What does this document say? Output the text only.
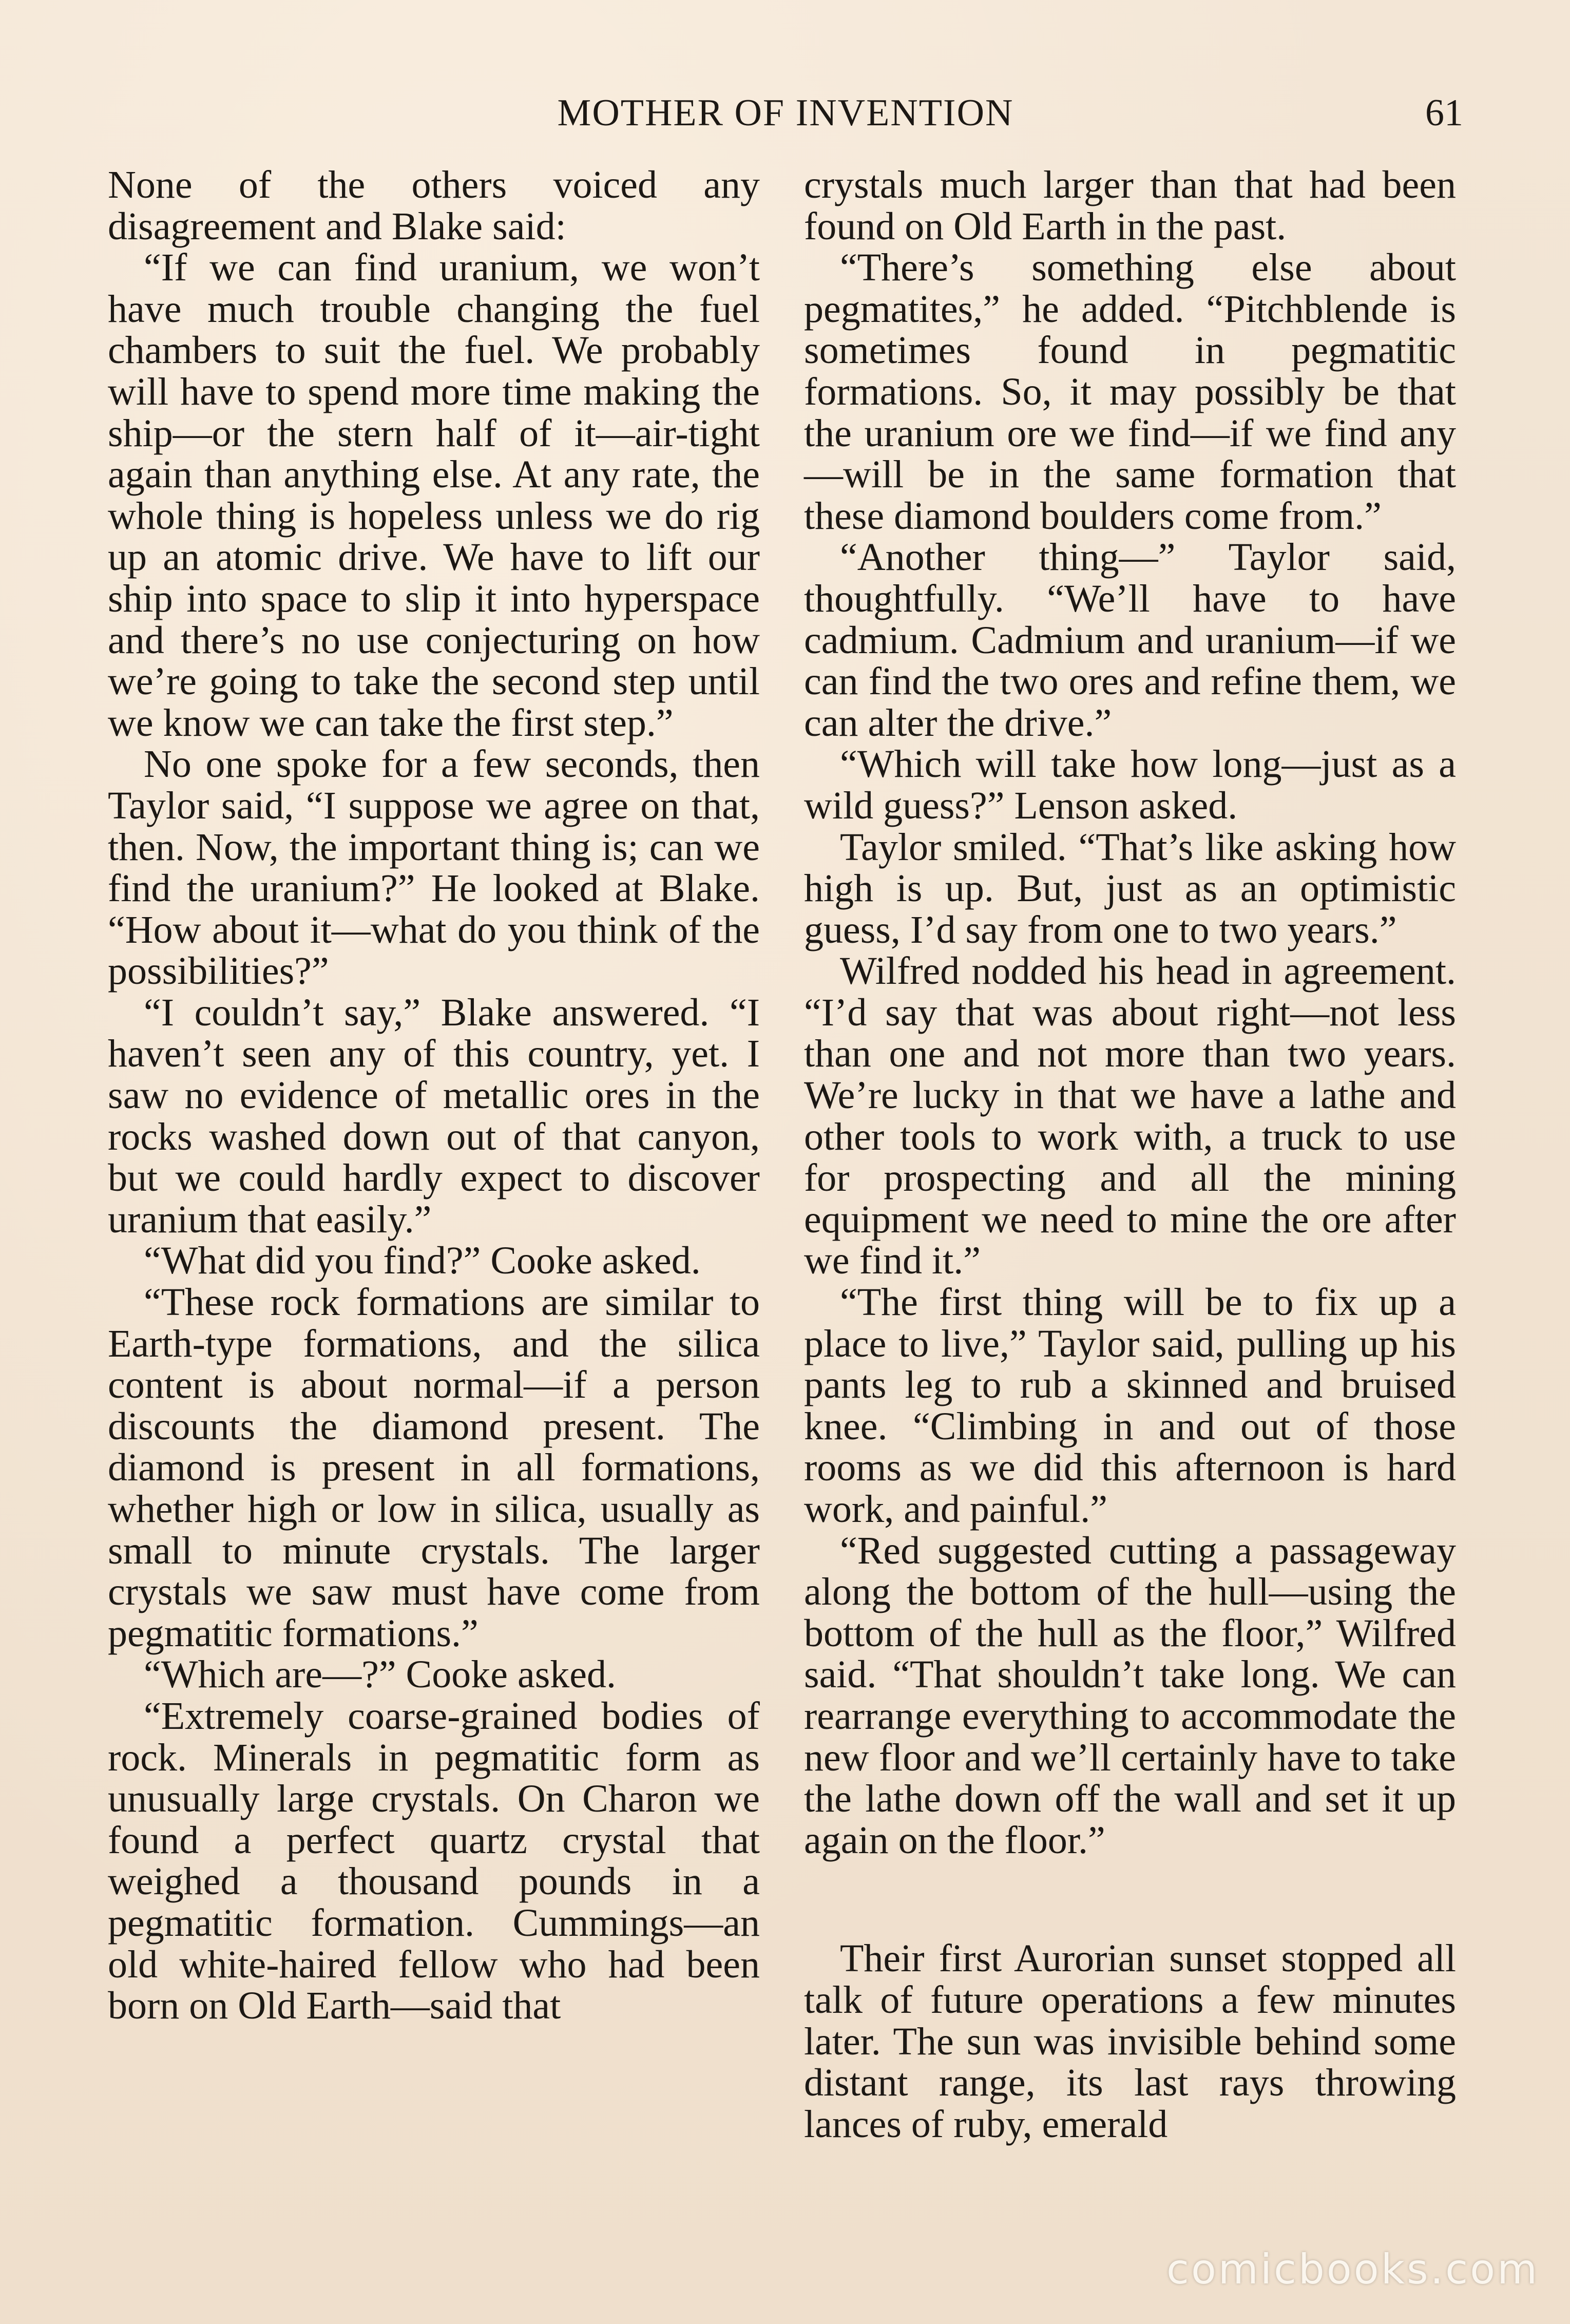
MOTHER OF INVENTION	61

None of the others voiced any disagreement and Blake said:

“If we can find uranium, we won’t have much trouble changing the fuel chambers to suit the fuel. We probably will have to spend more time making the ship—or the stern half of it—air-tight again than anything else. At any rate, the whole thing is hopeless unless we do rig up an atomic drive. We have to lift our ship into space to slip it into hyperspace and there’s no use conjecturing on how we’re going to take the second step until we know we can take the first step.”

No one spoke for a few seconds, then Taylor said, “I suppose we agree on that, then. Now, the important thing is; can we find the uranium?” He looked at Blake. “How about it—what do you think of the possibilities?”

“I couldn’t say,” Blake answered. “I haven’t seen any of this country, yet. I saw no evidence of metallic ores in the rocks washed down out of that canyon, but we could hardly expect to discover uranium that easily.”

“What did you find?” Cooke asked.

“These rock formations are similar to Earth-type formations, and the silica content is about normal—if a person discounts the diamond present. The diamond is present in all formations, whether high or low in silica, usually as small to minute crystals. The larger crystals we saw must have come from pegmatitic formations.”

“Which are—?” Cooke asked.

“Extremely coarse-grained bodies of rock. Minerals in pegmatitic form as unusually large crystals. On Charon we found a perfect quartz crystal that weighed a thousand pounds in a pegmatitic formation. Cummings—an old white-haired fellow who had been born on Old Earth—said that

crystals much larger than that had been found on Old Earth in the past.

“There’s something else about pegmatites,” he added. “Pitchblende is sometimes found in pegmatitic formations. So, it may possibly be that the uranium ore we find—if we find any—will be in the same formation that these diamond boulders come from.”

“Another thing—” Taylor said, thoughtfully. “We’ll have to have cadmium. Cadmium and uranium—if we can find the two ores and refine them, we can alter the drive.”

“Which will take how long—just as a wild guess?” Lenson asked.

Taylor smiled. “That’s like asking how high is up. But, just as an optimistic guess, I’d say from one to two years.”

Wilfred nodded his head in agreement. “I’d say that was about right—not less than one and not more than two years. We’re lucky in that we have a lathe and other tools to work with, a truck to use for prospecting and all the mining equipment we need to mine the ore after we find it.”

“The first thing will be to fix up a place to live,” Taylor said, pulling up his pants leg to rub a skinned and bruised knee. “Climbing in and out of those rooms as we did this afternoon is hard work, and painful.”

“Red suggested cutting a passageway along the bottom of the hull—using the bottom of the hull as the floor,” Wilfred said. “That shouldn’t take long. We can rearrange everything to accommodate the new floor and we’ll certainly have to take the lathe down off the wall and set it up again on the floor.”

Their first Aurorian sunset stopped all talk of future operations a few minutes later. The sun was invisible behind some distant range, its last rays throwing lances of ruby, emerald

comicbooks.com
